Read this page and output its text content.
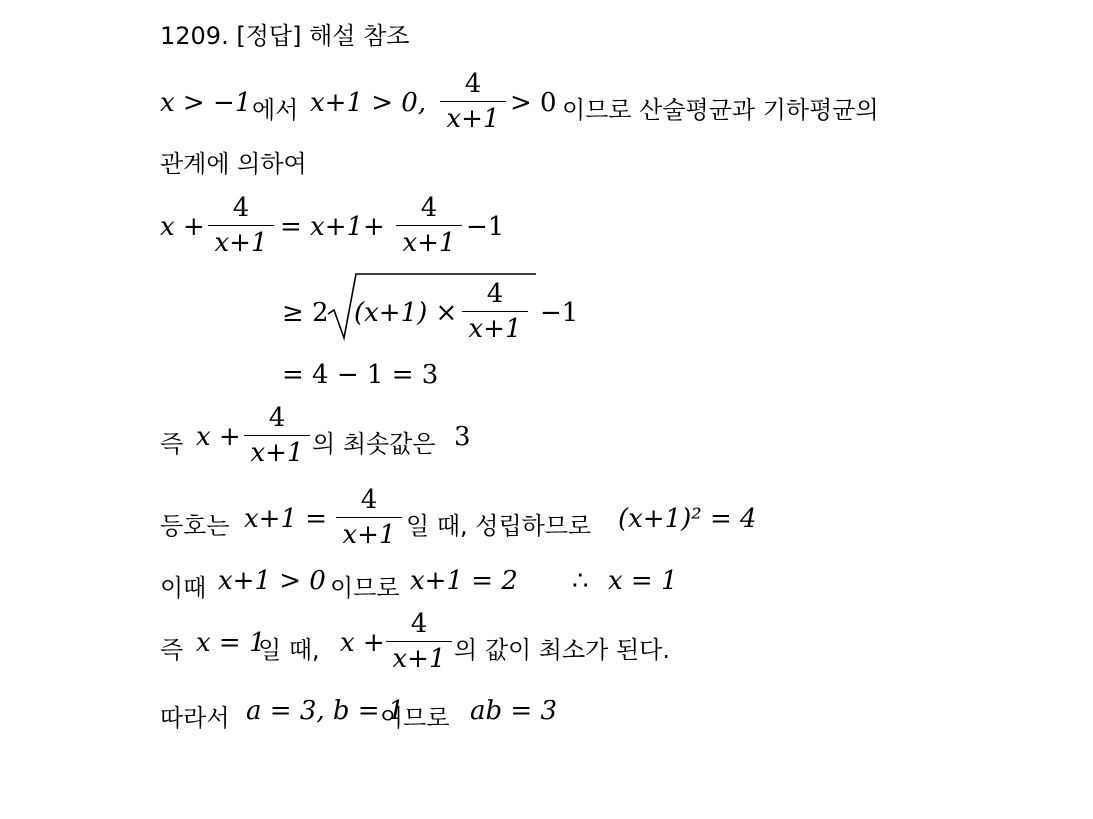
1209. [정답] 해설 참조
x > −1 에서 x+1 > 0,
4
x+1
> 0 이므로 산술평균과 기하평균의
관계에 의하여
x +
4
x+1
= x+1+
4
x+1
−1
≥ 2 (x+1) ×
4
x+1
−1
= 4 − 1 = 3
즉 x +
4
x+1 의 최솟값은 3
등호는 x+1 =
4
x+1 일 때, 성립하므로 (x+1)² = 4
이때 x+1 > 0 이므로 x+1 = 2 ∴ x = 1
즉 x = 1
일 때, x +
4
x+1 의 값이 최소가 된다.
따라서 a = 3, b = 1
이므로 ab = 3
